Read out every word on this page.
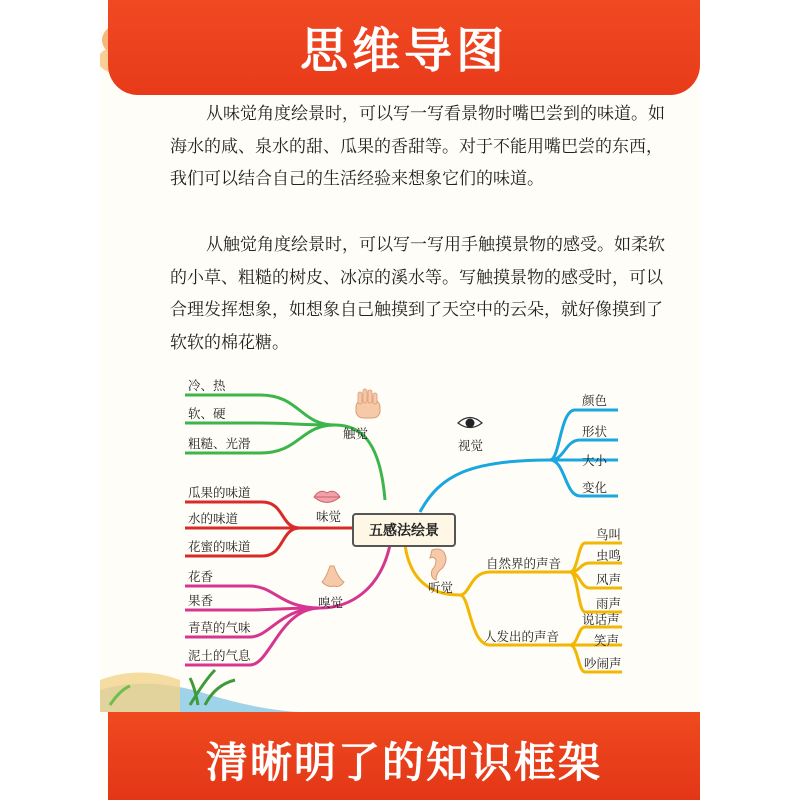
从味觉角度绘景时，可以写一写看景物时嘴巴尝到的味道。如海水的咸、泉水的甜、瓜果的香甜等。对于不能用嘴巴尝的东西，我们可以结合自己的生活经验来想象它们的味道。

从触觉角度绘景时，可以写一写用手触摸景物的感受。如柔软的小草、粗糙的树皮、冰凉的溪水等。写触摸景物的感受时，可以合理发挥想象，如想象自己触摸到了天空中的云朵，就好像摸到了软软的棉花糖。

触觉
冷、热
软、硬
粗糙、光滑
味觉
瓜果的味道
水的味道
花蜜的味道
嗅觉
花香
果香
青草的气味
泥土的气息
视觉
颜色
形状
大小
变化
听觉
自然界的声音
人发出的声音
鸟叫
虫鸣
风声
雨声
说话声
笑声
吵闹声
五感法绘景
思维导图
清晰明了的知识框架
